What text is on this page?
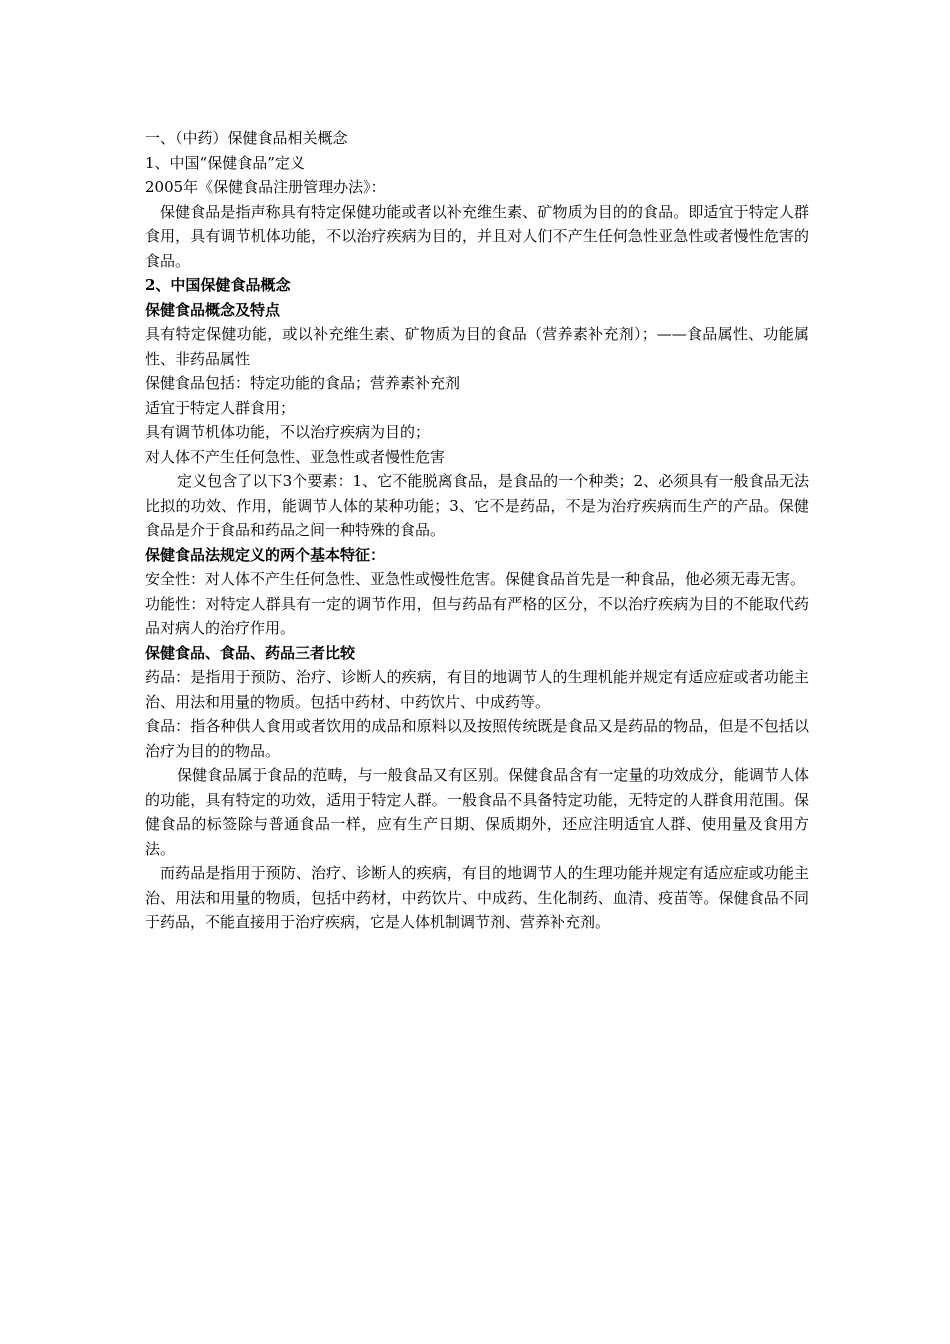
一、（中药）保健食品相关概念
1、中国“保健食品”定义
2005年《保健食品注册管理办法》：
保健食品是指声称具有特定保健功能或者以补充维生素、矿物质为目的的食品。即适宜于特定人群食用，具有调节机体功能，不以治疗疾病为目的，并且对人们不产生任何急性亚急性或者慢性危害的食品。
2、中国保健食品概念
保健食品概念及特点
具有特定保健功能，或以补充维生素、矿物质为目的食品（营养素补充剂）；——食品属性、功能属性、非药品属性
保健食品包括：特定功能的食品；营养素补充剂
适宜于特定人群食用；
具有调节机体功能，不以治疗疾病为目的；
对人体不产生任何急性、亚急性或者慢性危害
定义包含了以下3个要素：1、它不能脱离食品，是食品的一个种类；2、必须具有一般食品无法比拟的功效、作用，能调节人体的某种功能；3、它不是药品，不是为治疗疾病而生产的产品。保健食品是介于食品和药品之间一种特殊的食品。
保健食品法规定义的两个基本特征：
安全性：对人体不产生任何急性、亚急性或慢性危害。保健食品首先是一种食品，他必须无毒无害。
功能性：对特定人群具有一定的调节作用，但与药品有严格的区分，不以治疗疾病为目的不能取代药品对病人的治疗作用。
保健食品、食品、药品三者比较
药品：是指用于预防、治疗、诊断人的疾病，有目的地调节人的生理机能并规定有适应症或者功能主治、用法和用量的物质。包括中药材、中药饮片、中成药等。
食品：指各种供人食用或者饮用的成品和原料以及按照传统既是食品又是药品的物品，但是不包括以治疗为目的的物品。
保健食品属于食品的范畴，与一般食品又有区别。保健食品含有一定量的功效成分，能调节人体的功能，具有特定的功效，适用于特定人群。一般食品不具备特定功能，无特定的人群食用范围。保健食品的标签除与普通食品一样，应有生产日期、保质期外，还应注明适宜人群、使用量及食用方法。
而药品是指用于预防、治疗、诊断人的疾病，有目的地调节人的生理功能并规定有适应症或功能主治、用法和用量的物质，包括中药材，中药饮片、中成药、生化制药、血清、疫苗等。保健食品不同于药品，不能直接用于治疗疾病，它是人体机制调节剂、营养补充剂。
